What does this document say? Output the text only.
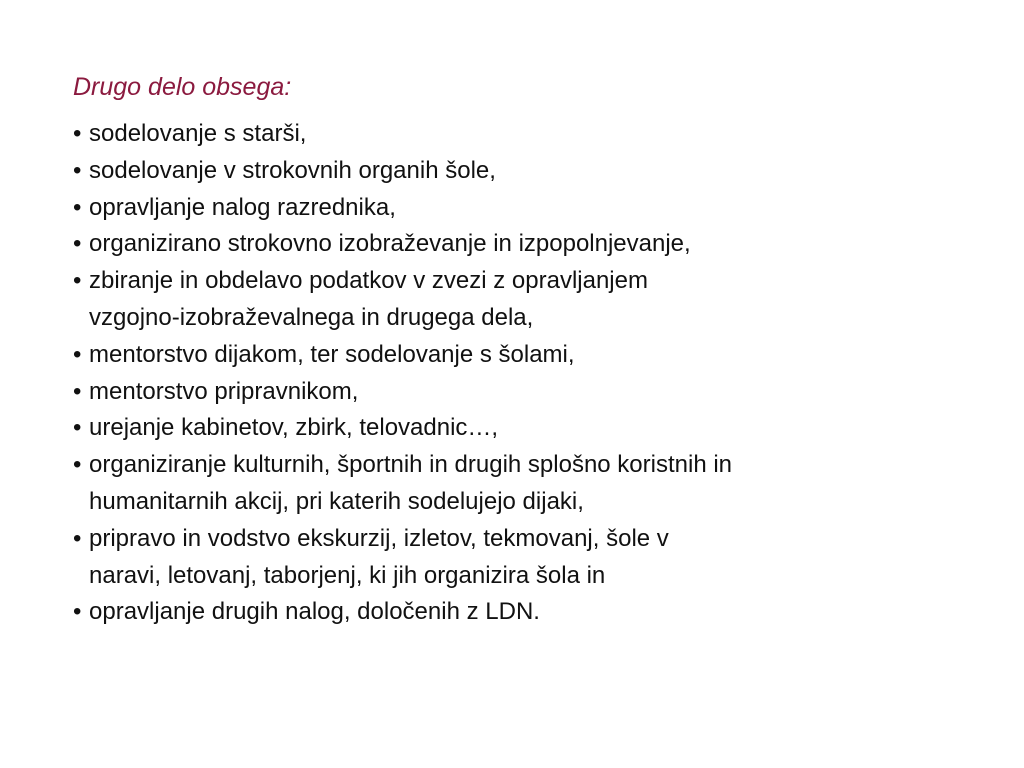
Drugo delo obsega:
• sodelovanje s starši,
• sodelovanje v strokovnih organih šole,
• opravljanje nalog razrednika,
• organizirano strokovno izobraževanje in izpopolnjevanje,
• zbiranje in obdelavo podatkov v zvezi z opravljanjem
vzgojno-izobraževalnega in drugega dela,
• mentorstvo dijakom, ter sodelovanje s šolami,
• mentorstvo pripravnikom,
• urejanje kabinetov, zbirk, telovadnic…,
• organiziranje kulturnih, športnih in drugih splošno koristnih in
humanitarnih akcij, pri katerih sodelujejo dijaki,
• pripravo in vodstvo ekskurzij, izletov, tekmovanj, šole v
naravi, letovanj, taborjenj, ki jih organizira šola in
• opravljanje drugih nalog, določenih z LDN.
